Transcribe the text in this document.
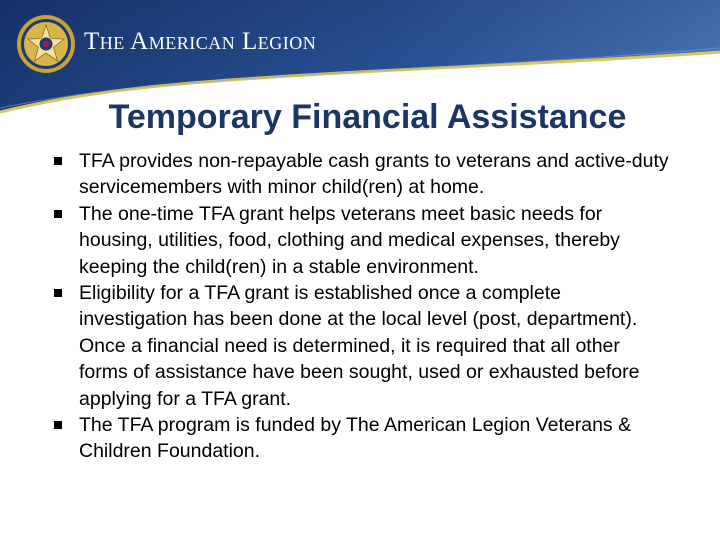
The American Legion
Temporary Financial Assistance
TFA provides non-repayable cash grants to veterans and active-duty servicemembers with minor child(ren) at home.
The one-time TFA grant helps veterans meet basic needs for housing, utilities, food, clothing and medical expenses, thereby keeping the child(ren) in a stable environment.
Eligibility for a TFA grant is established once a complete investigation has been done at the local level (post, department). Once a financial need is determined, it is required that all other forms of assistance have been sought, used or exhausted before applying for a TFA grant.
The TFA program is funded by The American Legion Veterans & Children Foundation.
